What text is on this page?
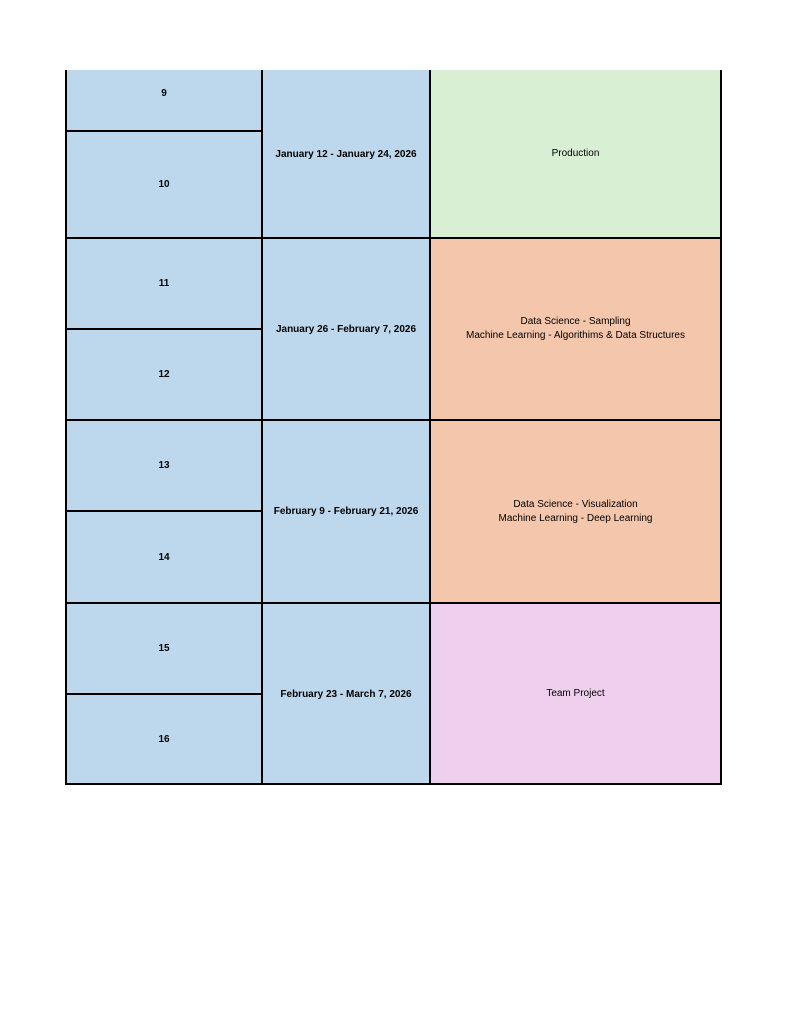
9
10
January 12 - January 24, 2026	Production
11
12
January 26 - February 7, 2026
Data Science - Sampling
Machine Learning - Algorithims & Data Structures
13
14
February 9 - February 21, 2026
Data Science - Visualization
Machine Learning - Deep Learning
15
16
February 23 - March 7, 2026	Team Project
